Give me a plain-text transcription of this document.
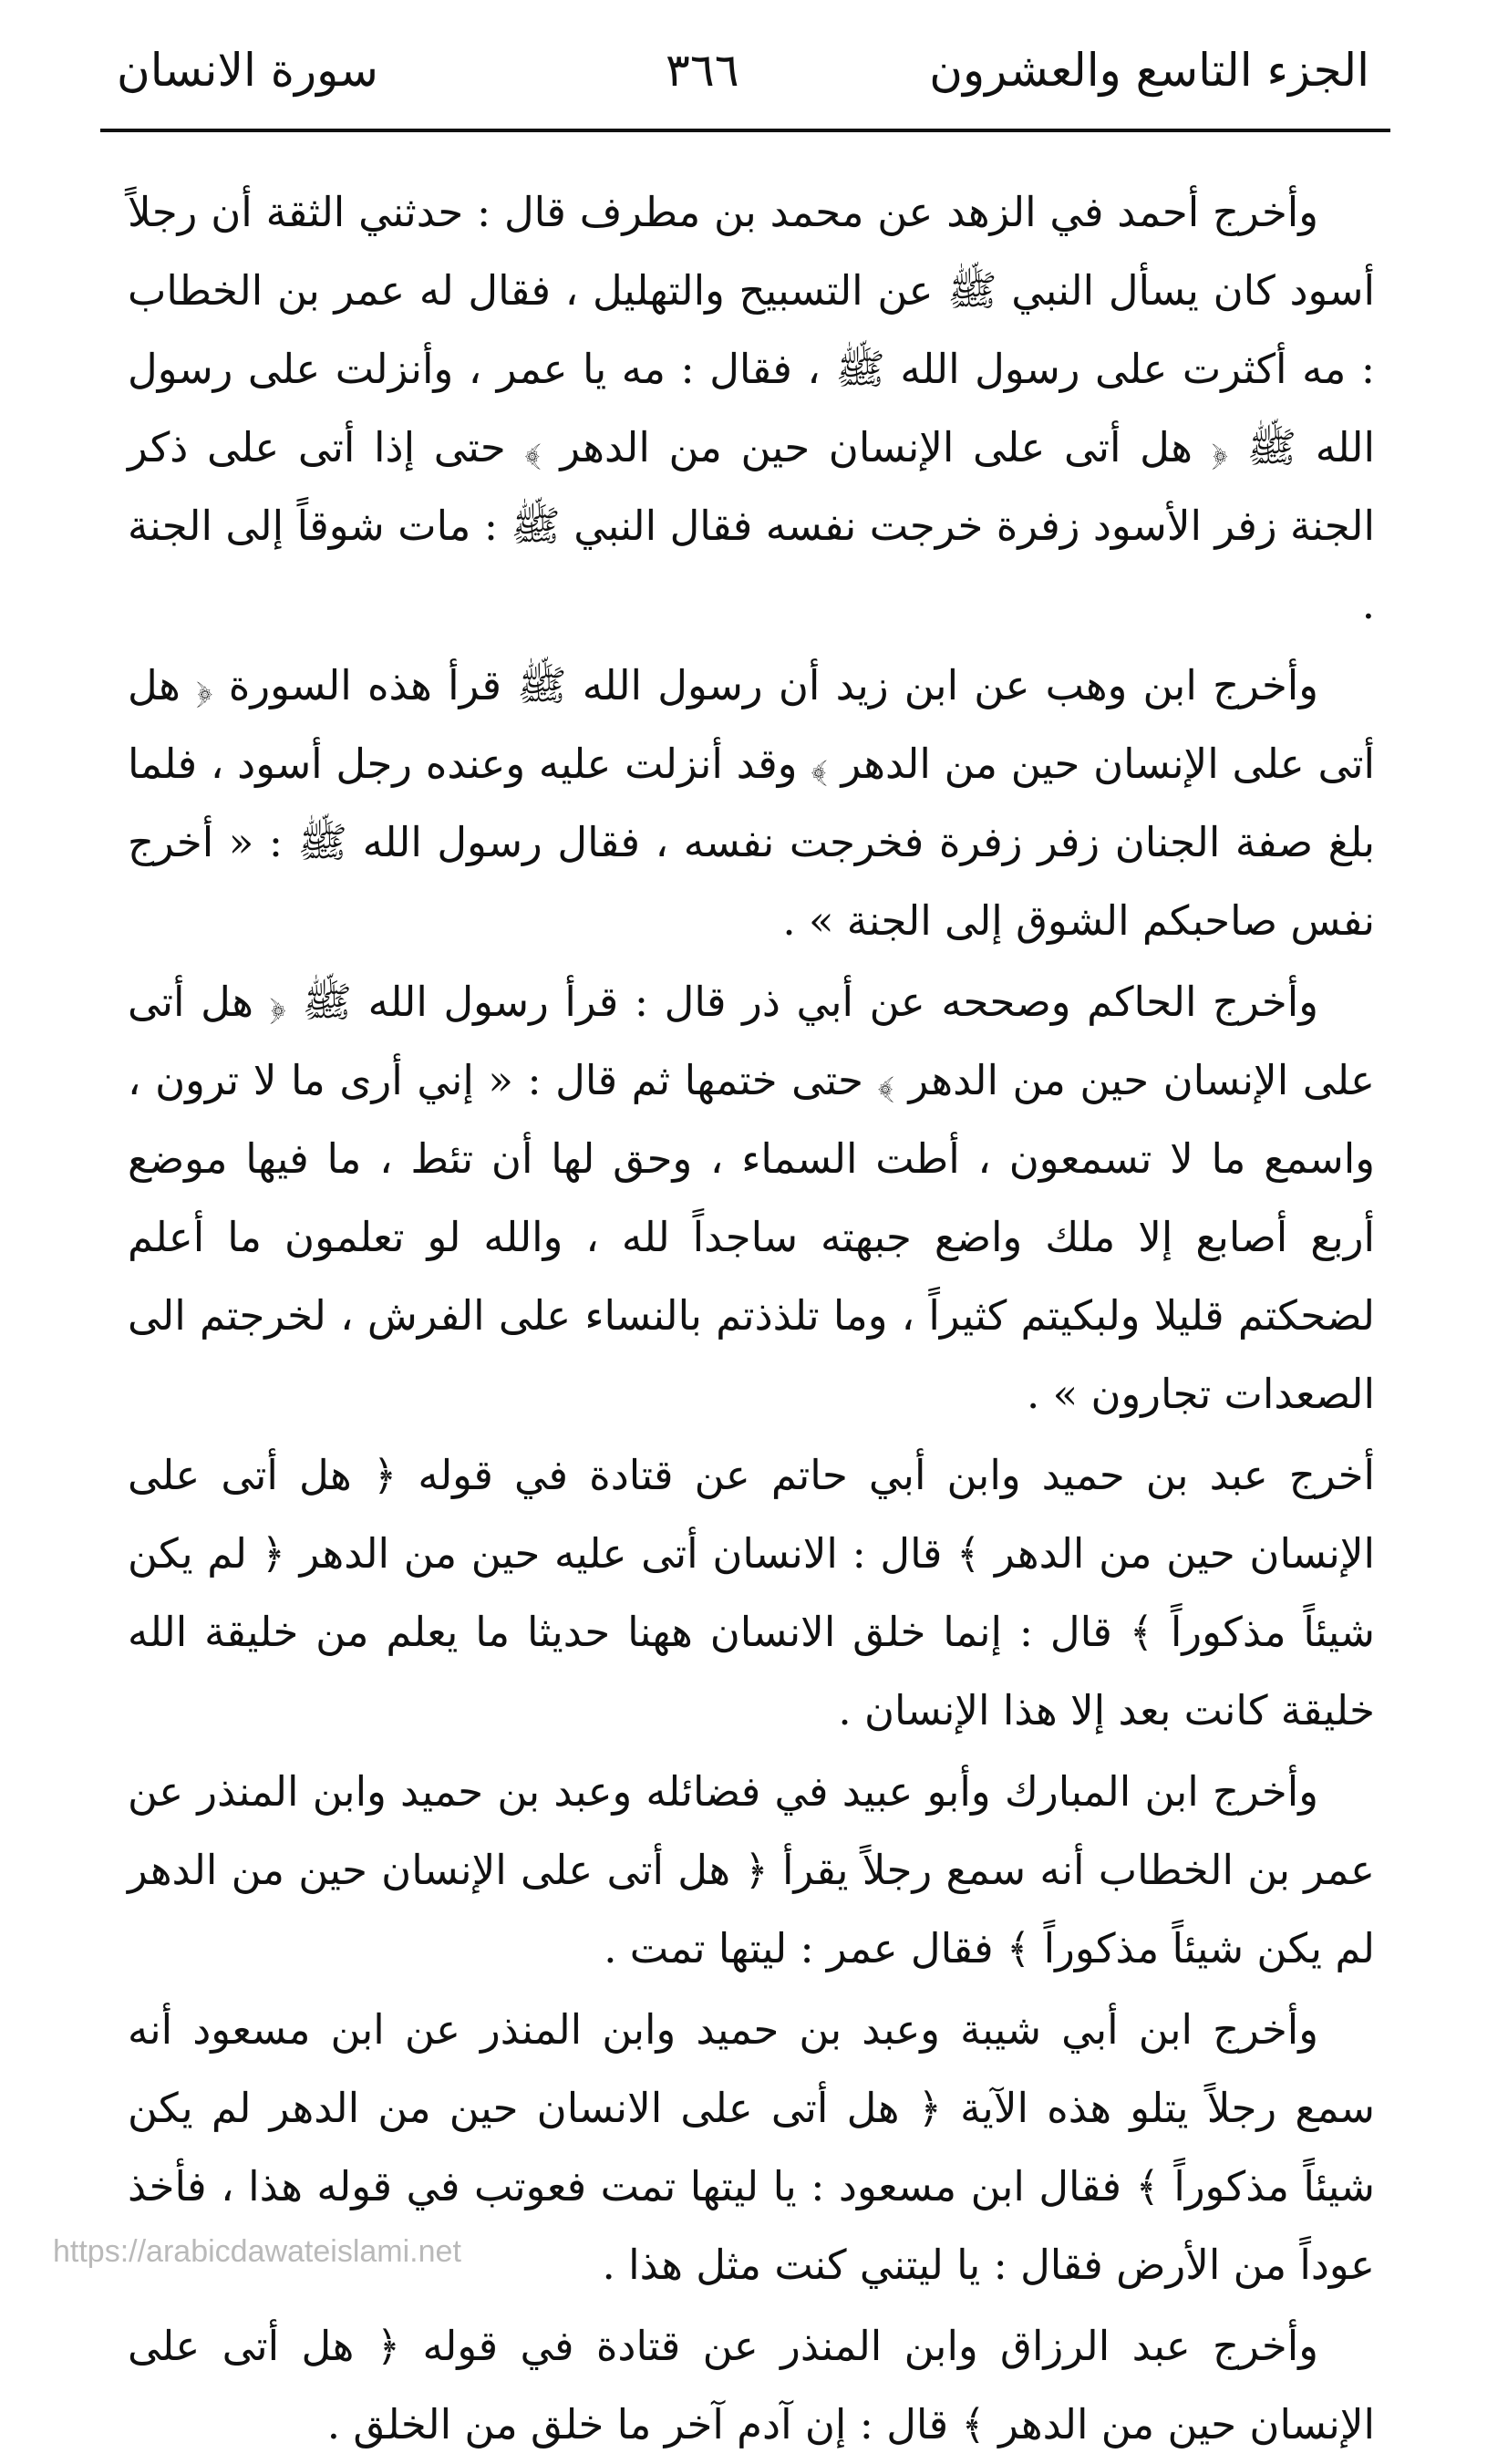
الجزء التاسع والعشرون
٣٦٦
سورة الانسان

وأخرج أحمد في الزهد عن محمد بن مطرف قال : حدثني الثقة أن رجلاً أسود كان يسأل النبي ﷺ عن التسبيح والتهليل ، فقال له عمر بن الخطاب : مه أكثرت على رسول الله ﷺ ، فقال : مه يا عمر ، وأنزلت على رسول الله ﷺ ﴿ هل أتى على الإنسان حين من الدهر ﴾ حتى إذا أتى على ذكر الجنة زفر الأسود زفرة خرجت نفسه فقال النبي ﷺ : مات شوقاً إلى الجنة .

وأخرج ابن وهب عن ابن زيد أن رسول الله ﷺ قرأ هذه السورة ﴿ هل أتى على الإنسان حين من الدهر ﴾ وقد أنزلت عليه وعنده رجل أسود ، فلما بلغ صفة الجنان زفر زفرة فخرجت نفسه ، فقال رسول الله ﷺ : « أخرج نفس صاحبكم الشوق إلى الجنة » .

وأخرج الحاكم وصححه عن أبي ذر قال : قرأ رسول الله ﷺ ﴿ هل أتى على الإنسان حين من الدهر ﴾ حتى ختمها ثم قال : « إني أرى ما لا ترون ، واسمع ما لا تسمعون ، أطت السماء ، وحق لها أن تئط ، ما فيها موضع أربع أصابع إلا ملك واضع جبهته ساجداً لله ، والله لو تعلمون ما أعلم لضحكتم قليلا ولبكيتم كثيراً ، وما تلذذتم بالنساء على الفرش ، لخرجتم الى الصعدات تجارون » .

أخرج عبد بن حميد وابن أبي حاتم عن قتادة في قوله ﴿ هل أتى على الإنسان حين من الدهر ﴾ قال : الانسان أتى عليه حين من الدهر ﴿ لم يكن شيئاً مذكوراً ﴾ قال : إنما خلق الانسان ههنا حديثا ما يعلم من خليقة الله خليقة كانت بعد إلا هذا الإنسان .

وأخرج ابن المبارك وأبو عبيد في فضائله وعبد بن حميد وابن المنذر عن عمر بن الخطاب أنه سمع رجلاً يقرأ ﴿ هل أتى على الإنسان حين من الدهر لم يكن شيئاً مذكوراً ﴾ فقال عمر : ليتها تمت .

وأخرج ابن أبي شيبة وعبد بن حميد وابن المنذر عن ابن مسعود أنه سمع رجلاً يتلو هذه الآية ﴿ هل أتى على الانسان حين من الدهر لم يكن شيئاً مذكوراً ﴾ فقال ابن مسعود : يا ليتها تمت فعوتب في قوله هذا ، فأخذ عوداً من الأرض فقال : يا ليتني كنت مثل هذا .

وأخرج عبد الرزاق وابن المنذر عن قتادة في قوله ﴿ هل أتى على الإنسان حين من الدهر ﴾ قال : إن آدم آخر ما خلق من الخلق .

https://arabicdawateislami.net
